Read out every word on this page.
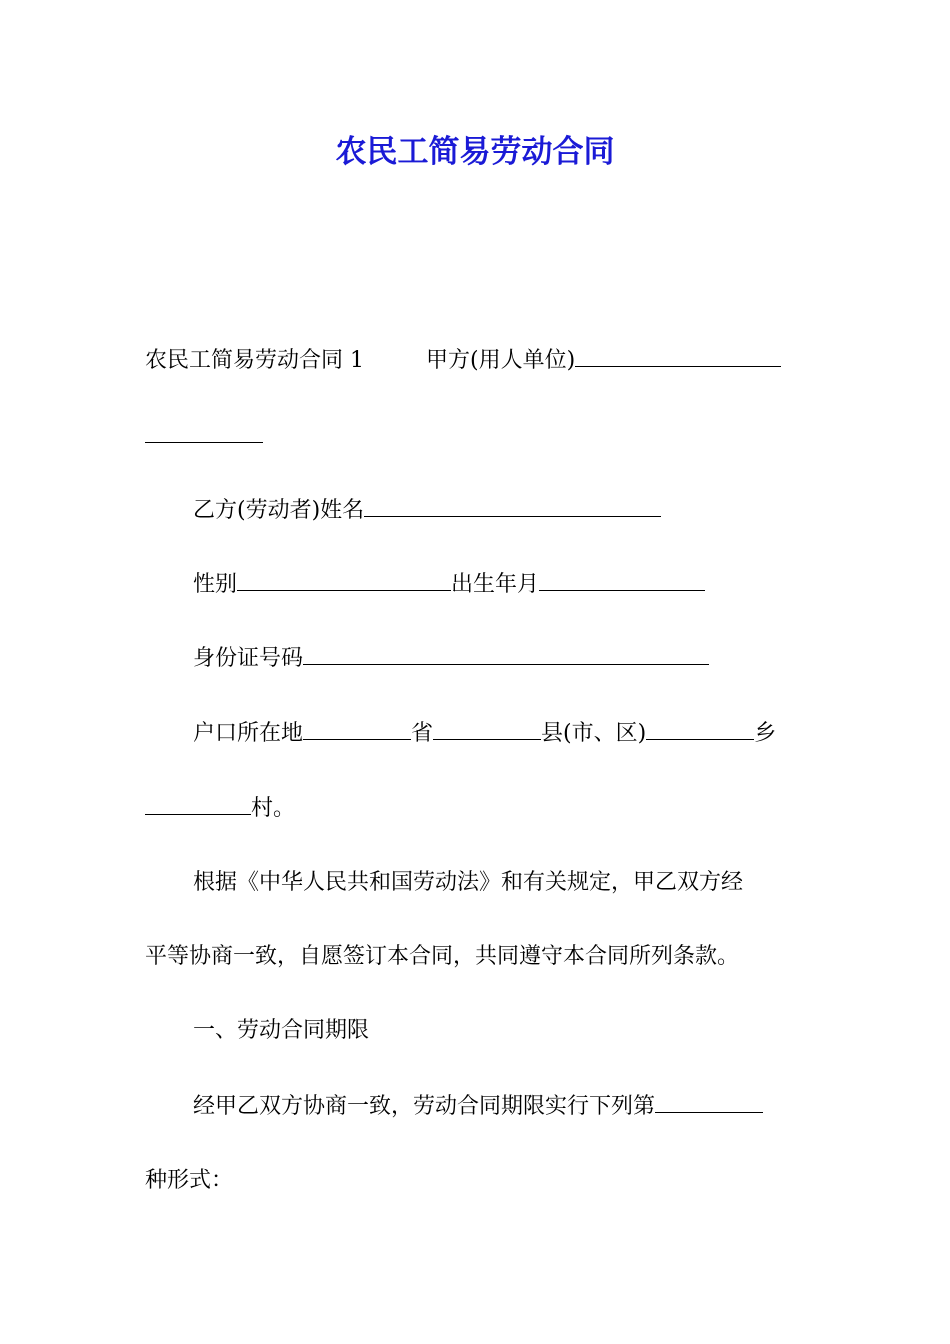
农民工简易劳动合同
农民工简易劳动合同 1	甲方(用人单位)
乙方(劳动者)姓名
性别	出生年月
身份证号码
户口所在地	省	县(市、区)	乡
村。
根据《中华人民共和国劳动法》和有关规定，甲乙双方经
平等协商一致，自愿签订本合同，共同遵守本合同所列条款。
一、劳动合同期限
经甲乙双方协商一致，劳动合同期限实行下列第
种形式：
